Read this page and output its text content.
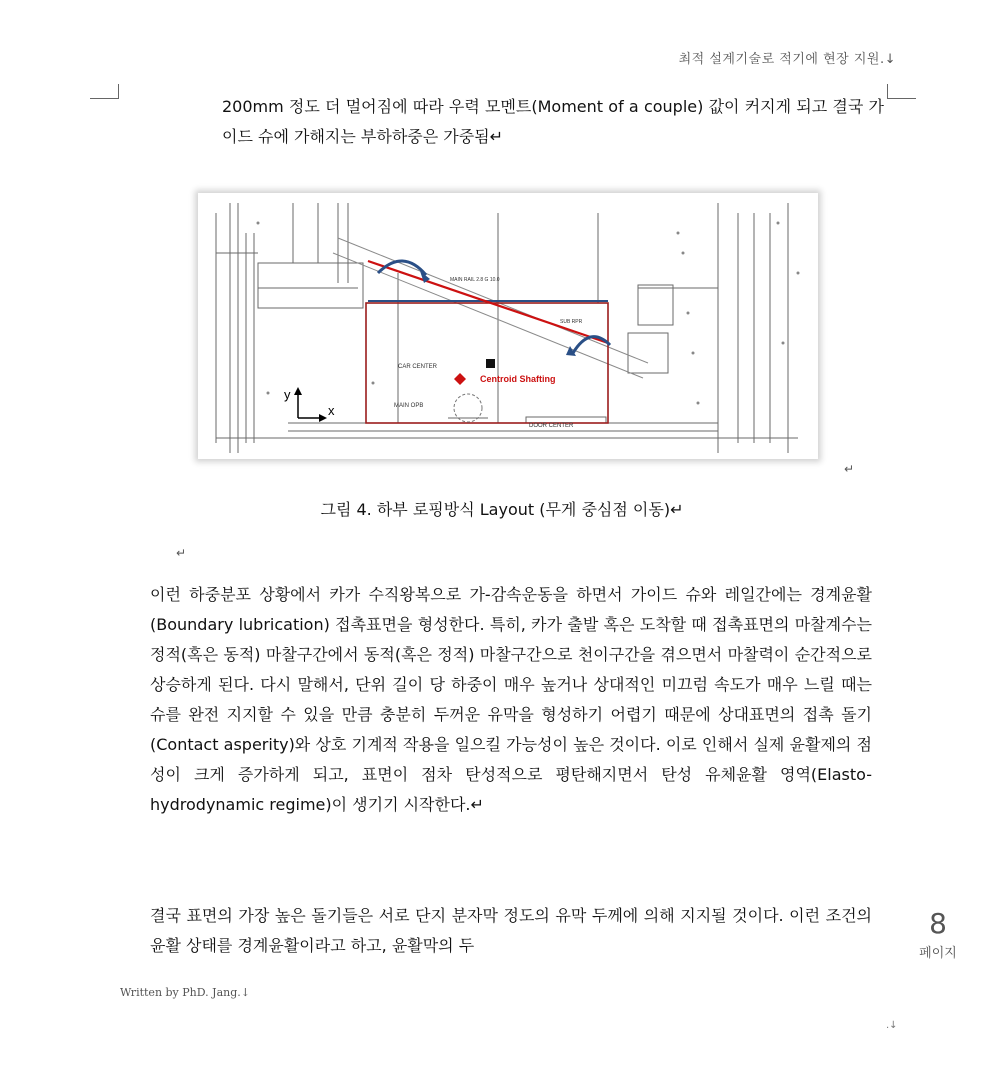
최적 설계기술로 적기에 현장 지원.↓

200mm 정도 더 멀어짐에 따라 우력 모멘트(Moment of a couple) 값이 커지게 되고 결국 가이드 슈에 가해지는 부하하중은 가중됨↵

y
x
CAR CENTER
Centroid Shafting
MAIN OPB
DOOR CENTER
MAIN RAIL 2.8 G 10.0
SUB RPR
↵

그림 4. 하부 로핑방식 Layout (무게 중심점 이동)↵

↵

이런 하중분포 상황에서 카가 수직왕복으로 가-감속운동을 하면서 가이드 슈와 레일간에는 경계윤활 (Boundary lubrication) 접촉표면을 형성한다. 특히, 카가 출발 혹은 도착할 때 접촉표면의 마찰계수는 정적(혹은 동적) 마찰구간에서 동적(혹은 정적) 마찰구간으로 천이구간을 겪으면서 마찰력이 순간적으로 상승하게 된다. 다시 말해서, 단위 길이 당 하중이 매우 높거나 상대적인 미끄럼 속도가 매우 느릴 때는 슈를 완전 지지할 수 있을 만큼 충분히 두꺼운 유막을 형성하기 어렵기 때문에 상대표면의 접촉 돌기(Contact asperity)와 상호 기계적 작용을 일으킬 가능성이 높은 것이다. 이로 인해서 실제 윤활제의 점성이 크게 증가하게 되고, 표면이 점차 탄성적으로 평탄해지면서 탄성 유체윤활 영역(Elasto-hydrodynamic regime)이 생기기 시작한다.↵

결국 표면의 가장 높은 돌기들은 서로 단지 분자막 정도의 유막 두께에 의해 지지될 것이다. 이런 조건의 윤활 상태를 경계윤활이라고 하고, 윤활막의 두

Written by PhD. Jang.↓
8
페이지
.↓
